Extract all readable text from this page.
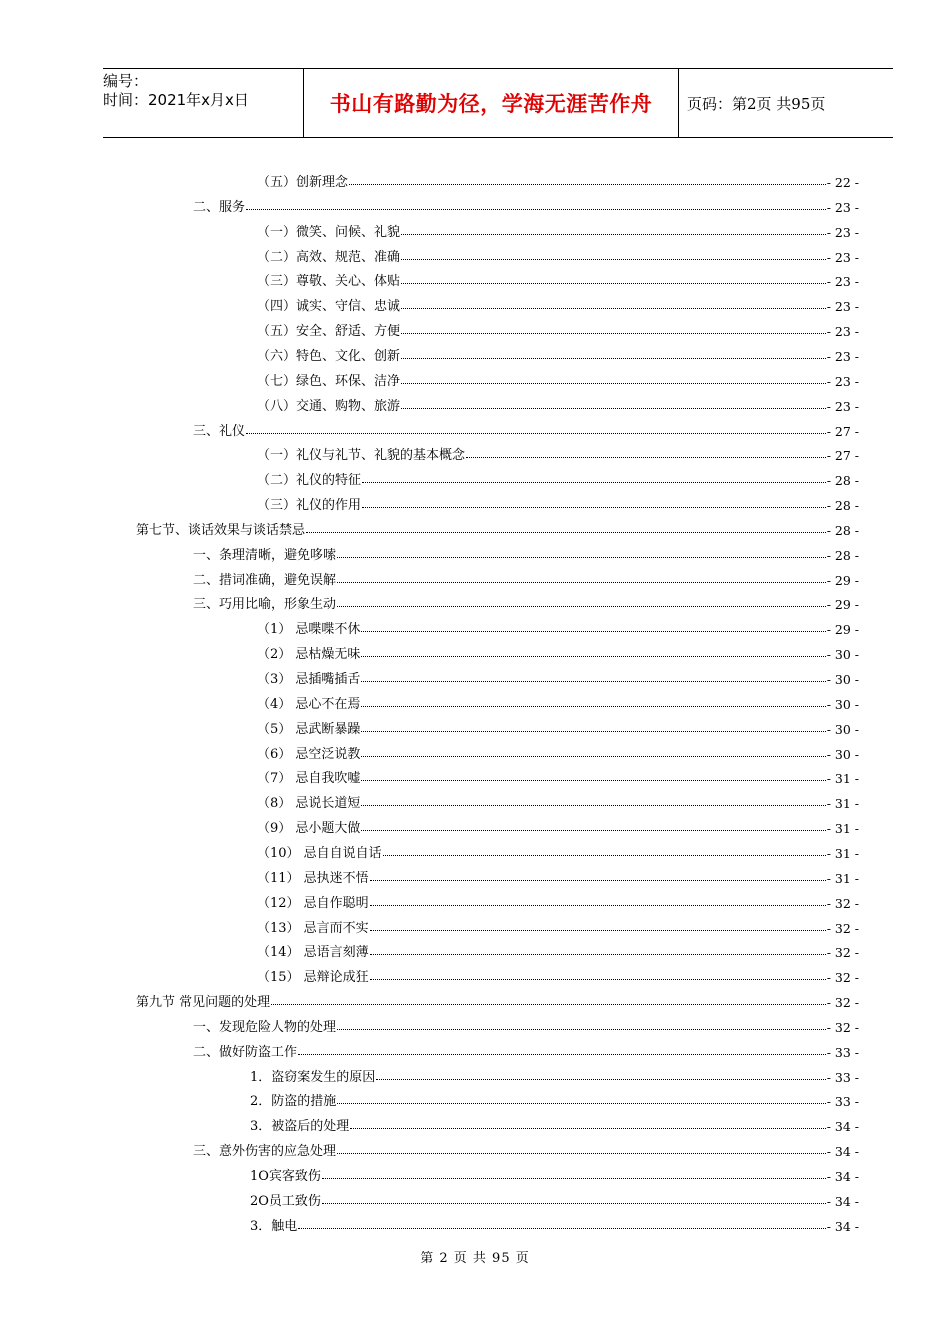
编号：
时间：2021年x月x日	书山有路勤为径，学海无涯苦作舟 页码：第2页 共95页
（五）创新理念	- 22 -
二、服务	- 23 -
（一）微笑、问候、礼貌	- 23 -
（二）高效、规范、准确	- 23 -
（三）尊敬、关心、体贴	- 23 -
（四）诚实、守信、忠诚	- 23 -
（五）安全、舒适、方便	- 23 -
（六）特色、文化、创新	- 23 -
（七）绿色、环保、洁净	- 23 -
（八）交通、购物、旅游	- 23 -
三、礼仪	- 27 -
（一）礼仪与礼节、礼貌的基本概念	- 27 -
（二）礼仪的特征	- 28 -
（三）礼仪的作用	- 28 -
第七节、谈话效果与谈话禁忌	- 28 -
一、条理清晰，避免哆嗦	- 28 -
二、措词准确，避免误解	- 29 -
三、巧用比喻，形象生动	- 29 -
（1） 忌喋喋不休	- 29 -
（2） 忌枯燥无味	- 30 -
（3） 忌插嘴插舌	- 30 -
（4） 忌心不在焉	- 30 -
（5） 忌武断暴躁	- 30 -
（6） 忌空泛说教	- 30 -
（7） 忌自我吹嘘	- 31 -
（8） 忌说长道短	- 31 -
（9） 忌小题大做	- 31 -
（10） 忌自自说自话	- 31 -
（11） 忌执迷不悟	- 31 -
（12） 忌自作聪明	- 32 -
（13） 忌言而不实	- 32 -
（14） 忌语言刻薄	- 32 -
（15） 忌辩论成狂	- 32 -
第九节 常见问题的处理	- 32 -
一、发现危险人物的处理	- 32 -
二、做好防盗工作	- 33 -
1．盗窃案发生的原因	- 33 -
2．防盗的措施	- 33 -
3．被盗后的处理	- 34 -
三、意外伤害的应急处理	- 34 -
1O宾客致伤	- 34 -
2O员工致伤	- 34 -
3．触电	- 34 -
第 2 页 共 95 页
